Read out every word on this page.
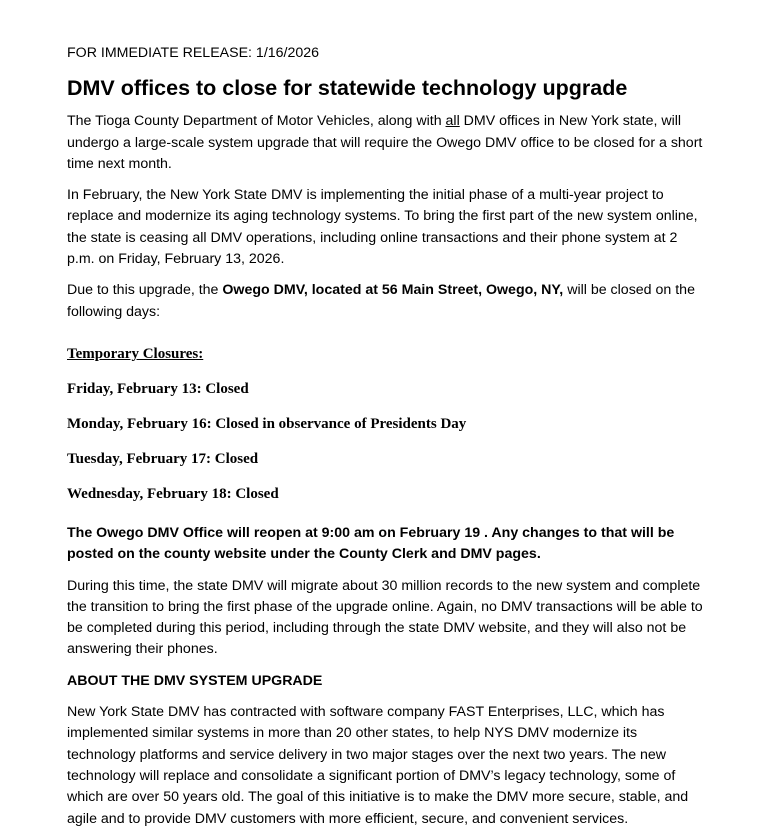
FOR IMMEDIATE RELEASE: 1/16/2026

DMV offices to close for statewide technology upgrade

The Tioga County Department of Motor Vehicles, along with all DMV offices in New York state, will undergo a large-scale system upgrade that will require the Owego DMV office to be closed for a short time next month.

In February, the New York State DMV is implementing the initial phase of a multi-year project to replace and modernize its aging technology systems. To bring the first part of the new system online, the state is ceasing all DMV operations, including online transactions and their phone system at 2 p.m. on Friday, February 13, 2026.

Due to this upgrade, the Owego DMV, located at 56 Main Street, Owego, NY, will be closed on the following days:

Temporary Closures:

Friday, February 13: Closed

Monday, February 16: Closed in observance of Presidents Day

Tuesday, February 17: Closed

Wednesday, February 18: Closed

The Owego DMV Office will reopen at 9:00 am on February 19 . Any changes to that will be posted on the county website under the County Clerk and DMV pages.

During this time, the state DMV will migrate about 30 million records to the new system and complete the transition to bring the first phase of the upgrade online. Again, no DMV transactions will be able to be completed during this period, including through the state DMV website, and they will also not be answering their phones.

ABOUT THE DMV SYSTEM UPGRADE

New York State DMV has contracted with software company FAST Enterprises, LLC, which has implemented similar systems in more than 20 other states, to help NYS DMV modernize its technology platforms and service delivery in two major stages over the next two years. The new technology will replace and consolidate a significant portion of DMV’s legacy technology, some of which are over 50 years old. The goal of this initiative is to make the DMV more secure, stable, and agile and to provide DMV customers with more efficient, secure, and convenient services.
